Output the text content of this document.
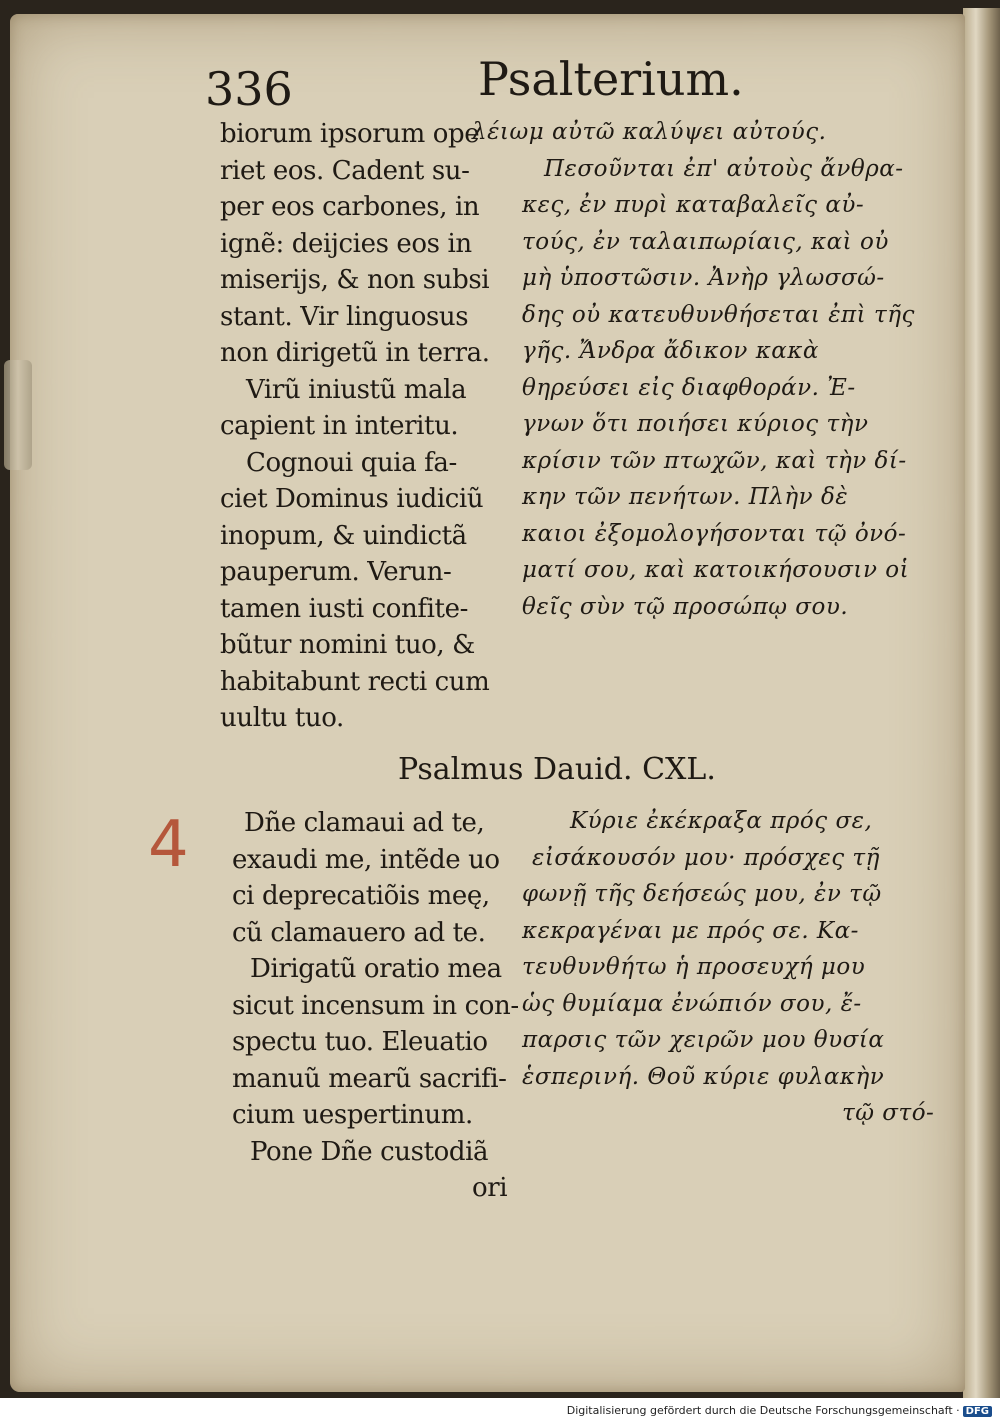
336	Psalterium.
biorum ipsorum ope
riet eos. Cadent su-
per eos carbones, in
ignẽ: deijcies eos in
miserijs, & non subsi
stant. Vir linguosus
non dirigetũ in terra.
Virũ iniustũ mala
capient in interitu.
Cognoui quia fa-
ciet Dominus iudiciũ
inopum, & uindictã
pauperum. Verun-
tamen iusti confite-
bũtur nomini tuo, &
habitabunt recti cum
uultu tuo.
λέιωμ αὐτῶ καλύψει αὐτούς.
Πεσοῦνται ἐπ' αὐτοὺς ἄνθρα-
κες, ἐν πυρὶ καταβαλεῖς αὐ-
τούς, ἐν ταλαιπωρίαις, καὶ οὐ
μὴ ὑποστῶσιν. Ἀνὴρ γλωσσώ-
δης οὐ κατευθυνθήσεται ἐπὶ τῆς
γῆς. Ἄνδρα ἄδικον κακὰ
θηρεύσει εἰς διαφθοράν. Ἐ-
γνων ὅτι ποιήσει κύριος τὴν
κρίσιν τῶν πτωχῶν, καὶ τὴν δί-
κην τῶν πενήτων. Πλὴν δὲ
καιοι ἐξομολογήσονται τῷ ὀνό-
ματί σου, καὶ κατοικήσουσιν οἱ
θεῖς σὺν τῷ προσώπῳ σου.
Psalmus Dauid. CXL.
4	Dñe clamaui ad te,
exaudi me, intẽde uo
ci deprecatiõis meę,
cũ clamauero ad te.
Dirigatũ oratio mea
sicut incensum in con-
spectu tuo. Eleuatio
manuũ mearũ sacrifi-
cium uespertinum.
Pone Dñe custodiã
ori
Κύριε ἐκέκραξα πρός σε,
εἰσάκουσόν μου· πρόσχες τῇ
φωνῇ τῆς δεήσεώς μου, ἐν τῷ
κεκραγέναι με πρός σε. Κα-
τευθυνθήτω ἡ προσευχή μου
ὡς θυμίαμα ἐνώπιόν σου, ἔ-
παρσις τῶν χειρῶν μου θυσία
ἑσπερινή. Θοῦ κύριε φυλακὴν
τῷ στό-
Digitalisierung gefördert durch die Deutsche Forschungsgemeinschaft · DFG
